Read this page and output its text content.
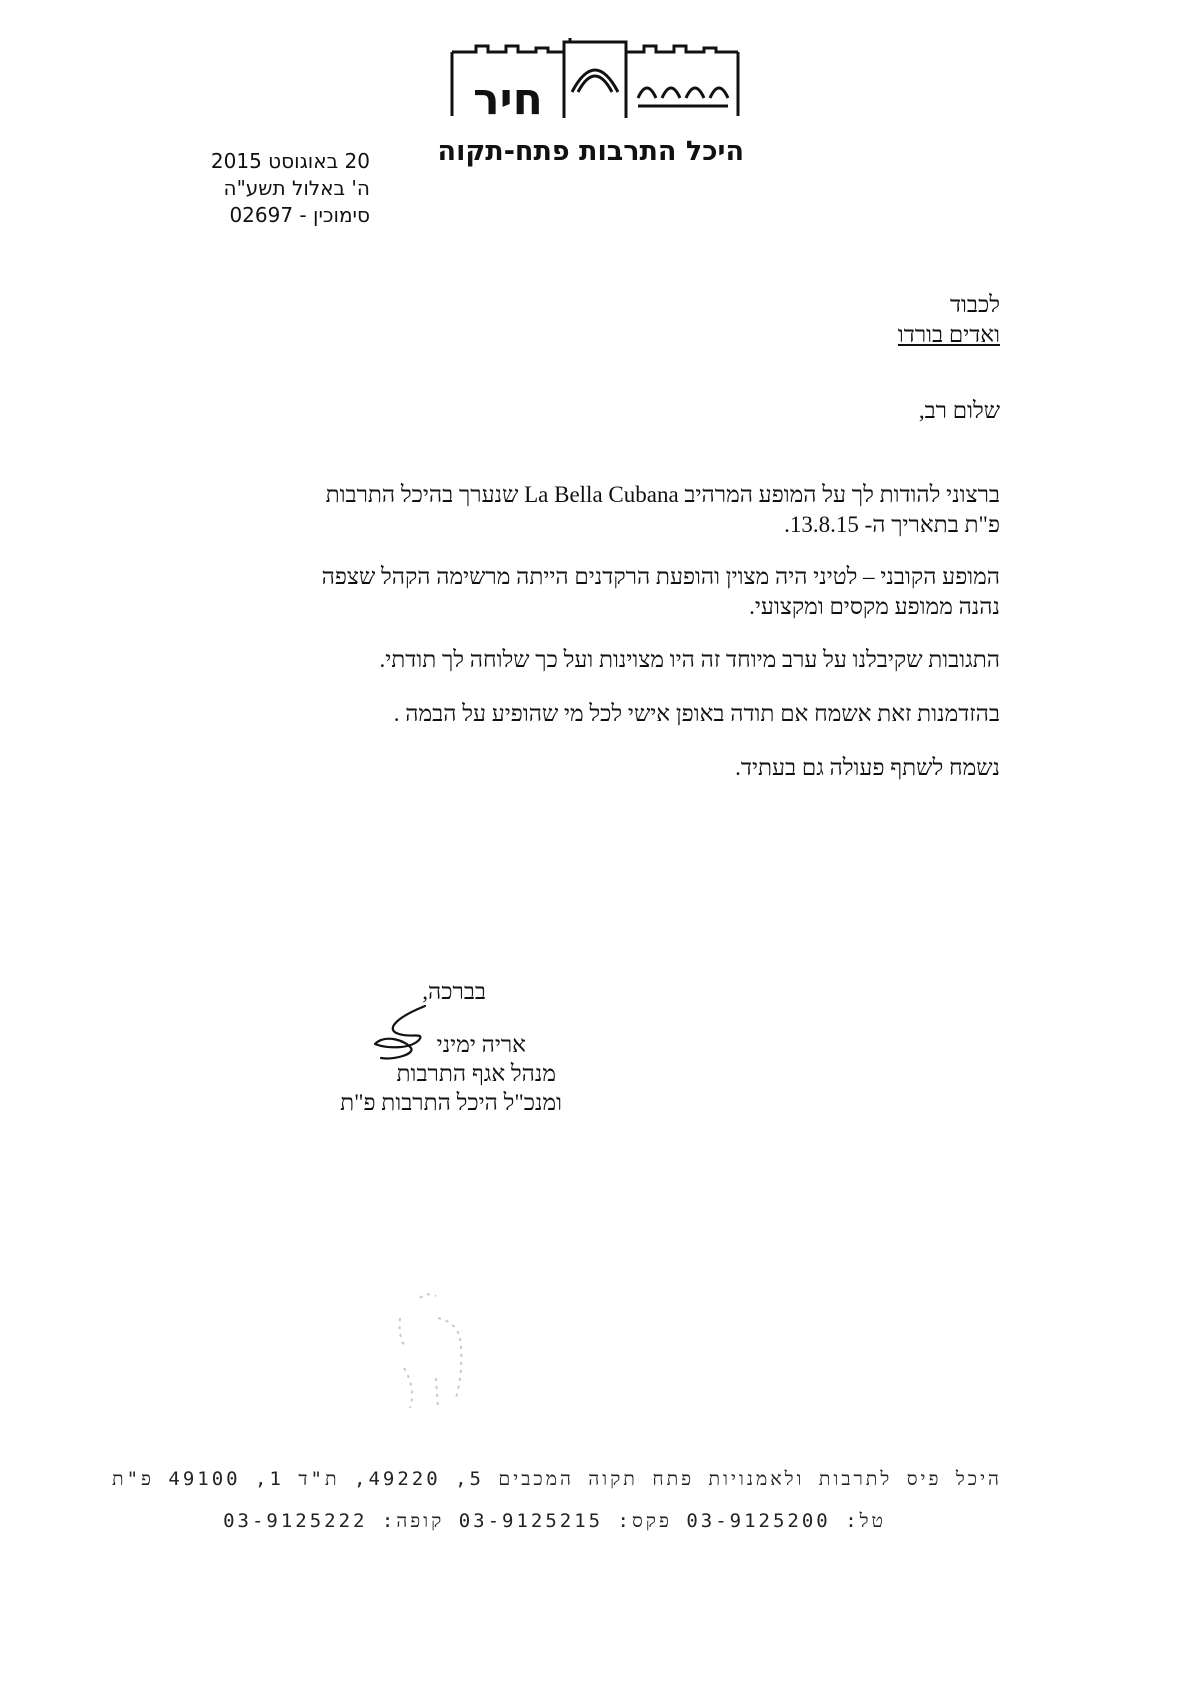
חיר
היכל התרבות פתח-תקוה
20 באוגוסט 2015
ה' באלול תשע"ה
סימוכין - 02697
לכבוד
ואדים בורדו
שלום רב,
ברצוני להודות לך על המופע המרהיב La Bella Cubana שנערך בהיכל התרבות
פ"ת בתאריך ה- 13.8.15.
המופע הקובני – לטיני היה מצוין והופעת הרקדנים הייתה מרשימה הקהל שצפה
נהנה ממופע מקסים ומקצועי.
התגובות שקיבלנו על ערב מיוחד זה היו מצוינות ועל כך שלוחה לך תודתי.
בהזדמנות זאת אשמח אם תודה באופן אישי לכל מי שהופיע על הבמה .
נשמח לשתף פעולה גם בעתיד.
בברכה,
אריה ימיני
מנהל אגף התרבות
ומנכ"ל היכל התרבות פ"ת
היכל פיס לתרבות ולאמנויות פתח תקוה המכבים 5, 49220, ת"ד 1, 49100 פ"ת
טל: 03-9125200 פקס: 03-9125215 קופה: 03-9125222
